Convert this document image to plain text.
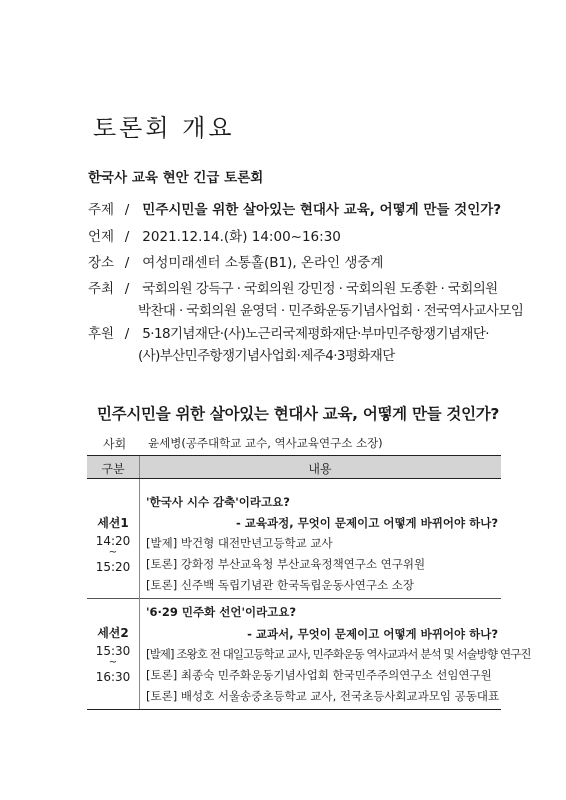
토론회 개요
한국사 교육 현안 긴급 토론회
주제 / 민주시민을 위한 살아있는 현대사 교육, 어떻게 만들 것인가?
언제 / 2021.12.14.(화) 14:00~16:30
장소 / 여성미래센터 소통홀(B1), 온라인 생중계
주최 / 국회의원 강득구 · 국회의원 강민정 · 국회의원 도종환 · 국회의원
박찬대 · 국회의원 윤영덕 · 민주화운동기념사업회 · 전국역사교사모임
후원 / 5·18기념재단·(사)노근리국제평화재단·부마민주항쟁기념재단·
(사)부산민주항쟁기념사업회·제주4·3평화재단
민주시민을 위한 살아있는 현대사 교육, 어떻게 만들 것인가?
사회 윤세병(공주대학교 교수, 역사교육연구소 소장)
구분	내용
세션1
14:20
~
15:20
'한국사 시수 감축'이라고요?
- 교육과정, 무엇이 문제이고 어떻게 바뀌어야 하나?
[발제] 박건형 대전만년고등학교 교사
[토론] 강화정 부산교육청 부산교육정책연구소 연구위원
[토론] 신주백 독립기념관 한국독립운동사연구소 소장
세션2
15:30
~
16:30
'6·29 민주화 선언'이라고요?
- 교과서, 무엇이 문제이고 어떻게 바뀌어야 하나?
[발제] 조왕호 전 대일고등학교 교사, 민주화운동 역사교과서 분석 및 서술방향 연구진
[토론] 최종숙 민주화운동기념사업회 한국민주주의연구소 선임연구원
[토론] 배성호 서울송중초등학교 교사, 전국초등사회교과모임 공동대표
